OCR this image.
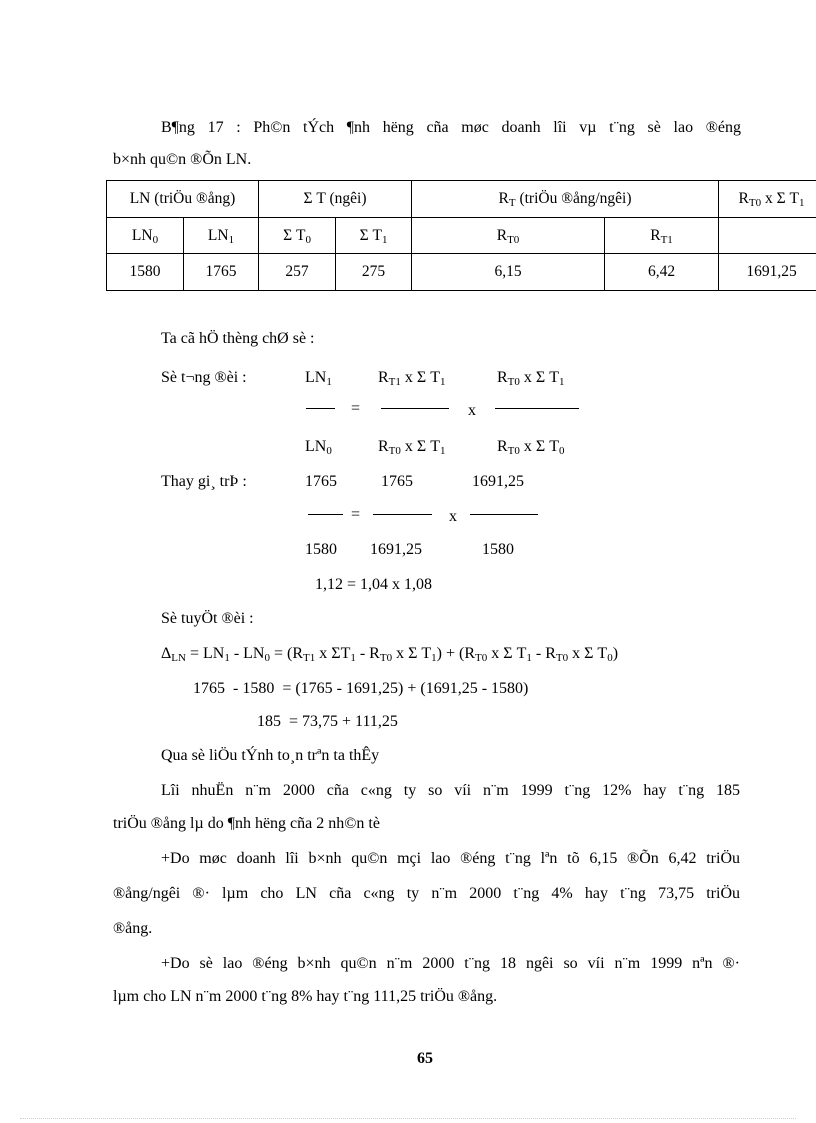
B¶ng 17 : Ph©n tÝch ¶nh hëng cña møc doanh lîi vµ t¨ng sè lao ®éng
b×nh qu©n ®Õn LN.
LN (triÖu ®ång)		Σ T (ngêi)		$R_T$ (triÖu ®ång/ngêi)		$R_{T0}$ x Σ $T_1$
$LN_0$	$LN_1$	Σ $T_0$	Σ $T_1$	$R_{T0}$	$R_{T1}$	
1580	1765	257	275	6,15	6,42	1691,25
Ta cã hÖ thèng chØ sè :
Sè t¬ng ®èi :	$LN_1$	$R_{T1}$ x Σ $T_1$	$R_{T0}$ x Σ $T_1$
=	x
$LN_0$	$R_{T0}$ x Σ $T_1$	$R_{T0}$ x Σ $T_0$
Thay gi¸ trÞ :	1765	1765	1691,25
=	x
1580 1691,25	1580
1,12 = 1,04 x 1,08
Sè tuyÖt ®èi :
$\Delta_{LN} = LN_1 - LN_0 = (R_{T1}$ x $\Sigma T_1 - R_{T0}$ x Σ $T_1) + (R_{T0}$ x Σ $T_1 - R_{T0}$ x Σ $T_0$)
1765  - 1580  = (1765 - 1691,25) + (1691,25 - 1580)
185  = 73,75 + 111,25
Qua sè liÖu tÝnh to¸n trªn ta thÊy
Lîi nhuËn n¨m 2000 cña c«ng ty so víi n¨m 1999 t¨ng 12% hay t¨ng 185
triÖu ®ång lµ do ¶nh hëng cña 2 nh©n tè
+Do møc doanh lîi b×nh qu©n mçi lao ®éng t¨ng lªn tõ 6,15 ®Õn 6,42 triÖu
®ång/ngêi ®· lµm cho LN cña c«ng ty n¨m 2000 t¨ng 4% hay t¨ng 73,75 triÖu
®ång.
+Do sè lao ®éng b×nh qu©n n¨m 2000 t¨ng 18 ngêi so víi n¨m 1999 nªn ®·
lµm cho LN n¨m 2000 t¨ng 8% hay t¨ng 111,25 triÖu ®ång.
65
